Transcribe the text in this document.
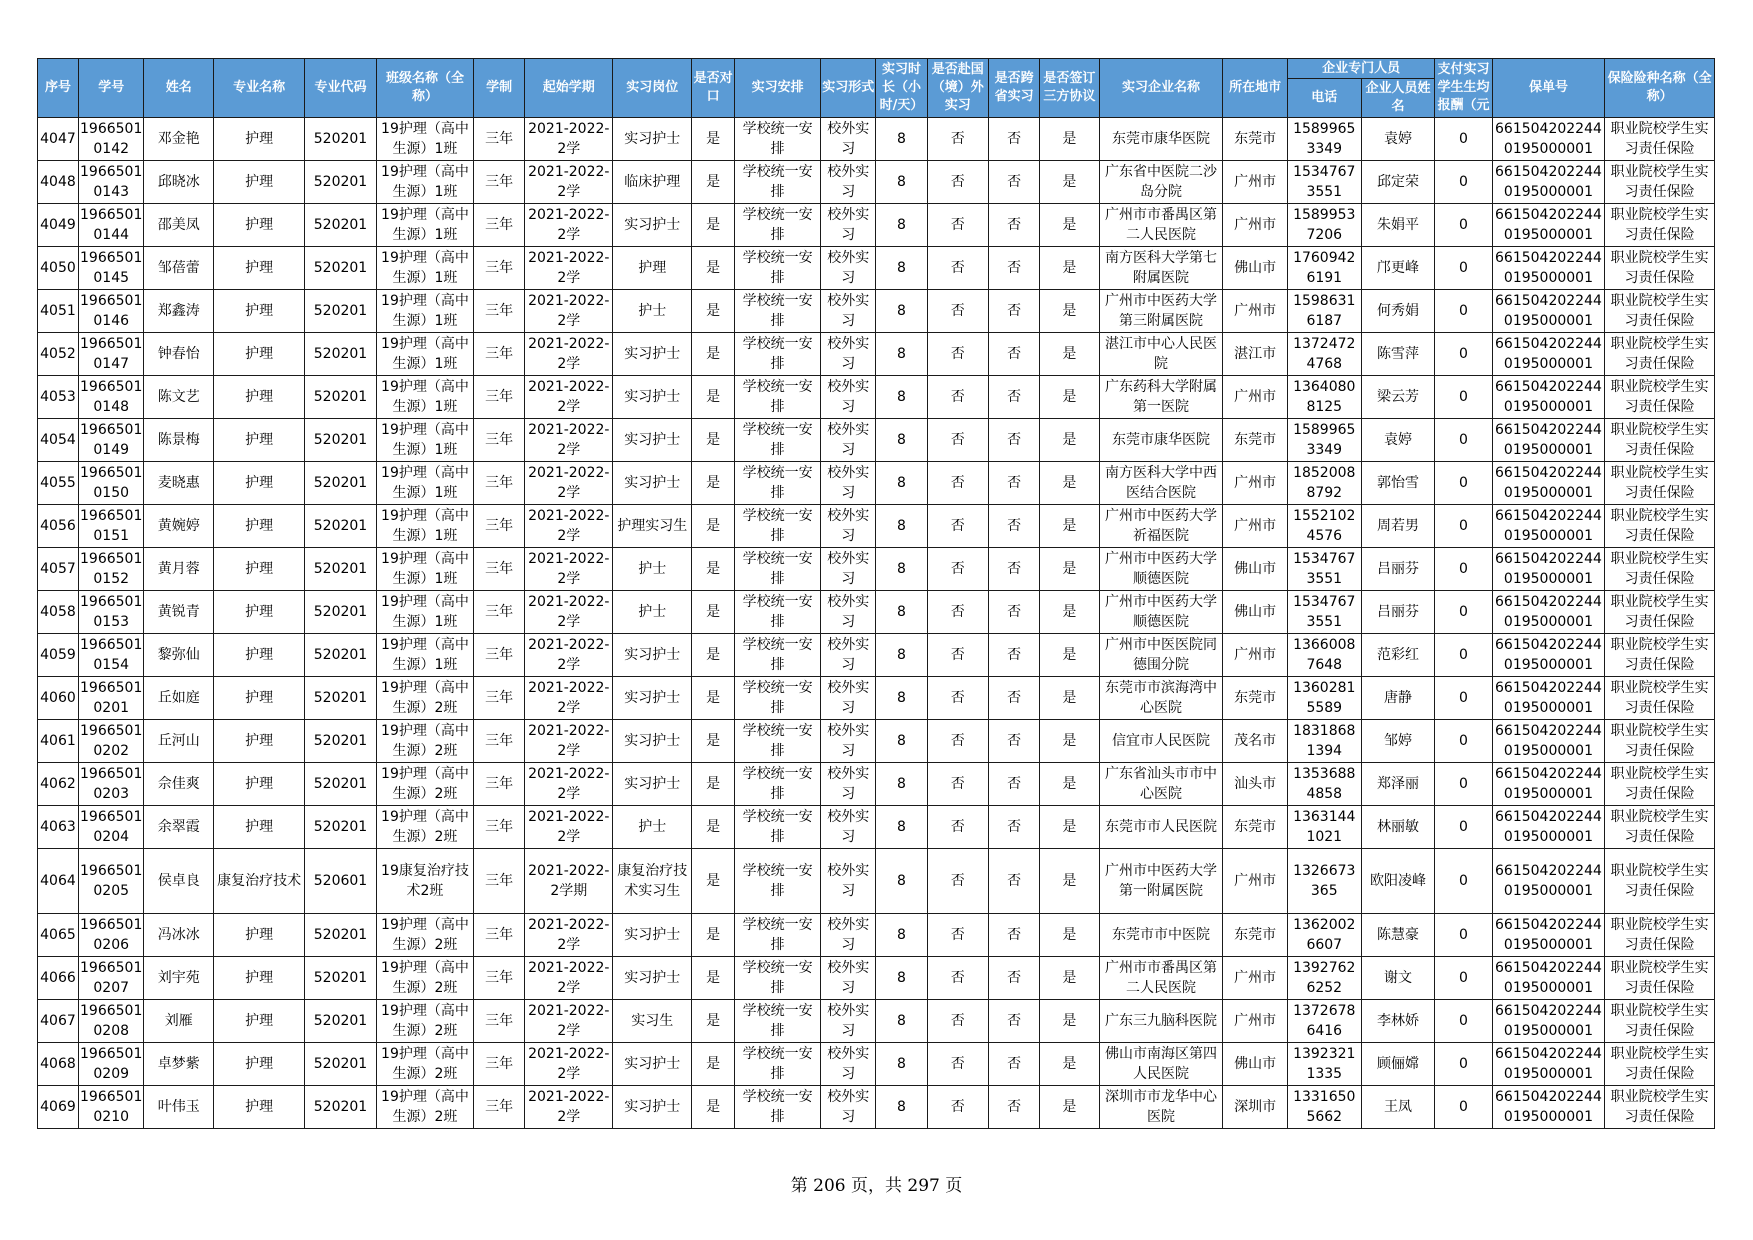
序号	学号	姓名	专业名称	专业代码	班级名称（全称）	学制	起始学期	实习岗位	是否对口	实习安排	实习形式	实习时长（小时/天）	是否赴国（境）外实习	是否跨省实习	是否签订三方协议	实习企业名称	所在地市	企业专门人员		支付实习学生生均报酬（元	保单号	保险险种名称（全称）
																		电话	企业人员姓名			

4047	19665010142	邓金艳	护理	520201	19护理（高中生源）1班	三年	2021-2022-2学	实习护士	是	学校统一安排	校外实习	8	否	否	是	东莞市康华医院	东莞市	15899653349	袁婷	0	6615042022440195000001	职业院校学生实习责任保险

4048	19665010143	邱晓冰	护理	520201	19护理（高中生源）1班	三年	2021-2022-2学	临床护理	是	学校统一安排	校外实习	8	否	否	是	广东省中医院二沙岛分院	广州市	15347673551	邱定荣	0	6615042022440195000001	职业院校学生实习责任保险

4049	19665010144	邵美凤	护理	520201	19护理（高中生源）1班	三年	2021-2022-2学	实习护士	是	学校统一安排	校外实习	8	否	否	是	广州市市番禺区第二人民医院	广州市	15899537206	朱娟平	0	6615042022440195000001	职业院校学生实习责任保险

4050	19665010145	邹蓓蕾	护理	520201	19护理（高中生源）1班	三年	2021-2022-2学	护理	是	学校统一安排	校外实习	8	否	否	是	南方医科大学第七附属医院	佛山市	17609426191	邝更峰	0	6615042022440195000001	职业院校学生实习责任保险

4051	19665010146	郑鑫涛	护理	520201	19护理（高中生源）1班	三年	2021-2022-2学	护士	是	学校统一安排	校外实习	8	否	否	是	广州市中医药大学第三附属医院	广州市	15986316187	何秀娟	0	6615042022440195000001	职业院校学生实习责任保险

4052	19665010147	钟春怡	护理	520201	19护理（高中生源）1班	三年	2021-2022-2学	实习护士	是	学校统一安排	校外实习	8	否	否	是	湛江市中心人民医院	湛江市	13724724768	陈雪萍	0	6615042022440195000001	职业院校学生实习责任保险

4053	19665010148	陈文艺	护理	520201	19护理（高中生源）1班	三年	2021-2022-2学	实习护士	是	学校统一安排	校外实习	8	否	否	是	广东药科大学附属第一医院	广州市	13640808125	梁云芳	0	6615042022440195000001	职业院校学生实习责任保险

4054	19665010149	陈景梅	护理	520201	19护理（高中生源）1班	三年	2021-2022-2学	实习护士	是	学校统一安排	校外实习	8	否	否	是	东莞市康华医院	东莞市	15899653349	袁婷	0	6615042022440195000001	职业院校学生实习责任保险

4055	19665010150	麦晓惠	护理	520201	19护理（高中生源）1班	三年	2021-2022-2学	实习护士	是	学校统一安排	校外实习	8	否	否	是	南方医科大学中西医结合医院	广州市	18520088792	郭怡雪	0	6615042022440195000001	职业院校学生实习责任保险

4056	19665010151	黄婉婷	护理	520201	19护理（高中生源）1班	三年	2021-2022-2学	护理实习生	是	学校统一安排	校外实习	8	否	否	是	广州市中医药大学祈福医院	广州市	15521024576	周若男	0	6615042022440195000001	职业院校学生实习责任保险

4057	19665010152	黄月蓉	护理	520201	19护理（高中生源）1班	三年	2021-2022-2学	护士	是	学校统一安排	校外实习	8	否	否	是	广州市中医药大学顺德医院	佛山市	15347673551	吕丽芬	0	6615042022440195000001	职业院校学生实习责任保险

4058	19665010153	黄锐青	护理	520201	19护理（高中生源）1班	三年	2021-2022-2学	护士	是	学校统一安排	校外实习	8	否	否	是	广州市中医药大学顺德医院	佛山市	15347673551	吕丽芬	0	6615042022440195000001	职业院校学生实习责任保险

4059	19665010154	黎弥仙	护理	520201	19护理（高中生源）1班	三年	2021-2022-2学	实习护士	是	学校统一安排	校外实习	8	否	否	是	广州市中医医院同德围分院	广州市	13660087648	范彩红	0	6615042022440195000001	职业院校学生实习责任保险

4060	19665010201	丘如庭	护理	520201	19护理（高中生源）2班	三年	2021-2022-2学	实习护士	是	学校统一安排	校外实习	8	否	否	是	东莞市市滨海湾中心医院	东莞市	13602815589	唐静	0	6615042022440195000001	职业院校学生实习责任保险

4061	19665010202	丘河山	护理	520201	19护理（高中生源）2班	三年	2021-2022-2学	实习护士	是	学校统一安排	校外实习	8	否	否	是	信宜市人民医院	茂名市	18318681394	邹婷	0	6615042022440195000001	职业院校学生实习责任保险

4062	19665010203	佘佳爽	护理	520201	19护理（高中生源）2班	三年	2021-2022-2学	实习护士	是	学校统一安排	校外实习	8	否	否	是	广东省汕头市市中心医院	汕头市	13536884858	郑泽丽	0	6615042022440195000001	职业院校学生实习责任保险

4063	19665010204	余翠霞	护理	520201	19护理（高中生源）2班	三年	2021-2022-2学	护士	是	学校统一安排	校外实习	8	否	否	是	东莞市市人民医院	东莞市	13631441021	林丽敏	0	6615042022440195000001	职业院校学生实习责任保险

4064	19665010205	侯卓良	康复治疗技术	520601	19康复治疗技术2班	三年	2021-2022-2学期	康复治疗技术实习生	是	学校统一安排	校外实习	8	否	否	是	广州市中医药大学第一附属医院	广州市	1326673365	欧阳凌峰	0	6615042022440195000001	职业院校学生实习责任保险

4065	19665010206	冯冰冰	护理	520201	19护理（高中生源）2班	三年	2021-2022-2学	实习护士	是	学校统一安排	校外实习	8	否	否	是	东莞市市中医院	东莞市	13620026607	陈慧豪	0	6615042022440195000001	职业院校学生实习责任保险

4066	19665010207	刘宇苑	护理	520201	19护理（高中生源）2班	三年	2021-2022-2学	实习护士	是	学校统一安排	校外实习	8	否	否	是	广州市市番禺区第二人民医院	广州市	13927626252	谢文	0	6615042022440195000001	职业院校学生实习责任保险

4067	19665010208	刘雁	护理	520201	19护理（高中生源）2班	三年	2021-2022-2学	实习生	是	学校统一安排	校外实习	8	否	否	是	广东三九脑科医院	广州市	13726786416	李林娇	0	6615042022440195000001	职业院校学生实习责任保险

4068	19665010209	卓梦紫	护理	520201	19护理（高中生源）2班	三年	2021-2022-2学	实习护士	是	学校统一安排	校外实习	8	否	否	是	佛山市南海区第四人民医院	佛山市	13923211335	顾俪嫦	0	6615042022440195000001	职业院校学生实习责任保险

4069	19665010210	叶伟玉	护理	520201	19护理（高中生源）2班	三年	2021-2022-2学	实习护士	是	学校统一安排	校外实习	8	否	否	是	深圳市市龙华中心医院	深圳市	13316505662	王凤	0	6615042022440195000001	职业院校学生实习责任保险
第 206 页，共 297 页
